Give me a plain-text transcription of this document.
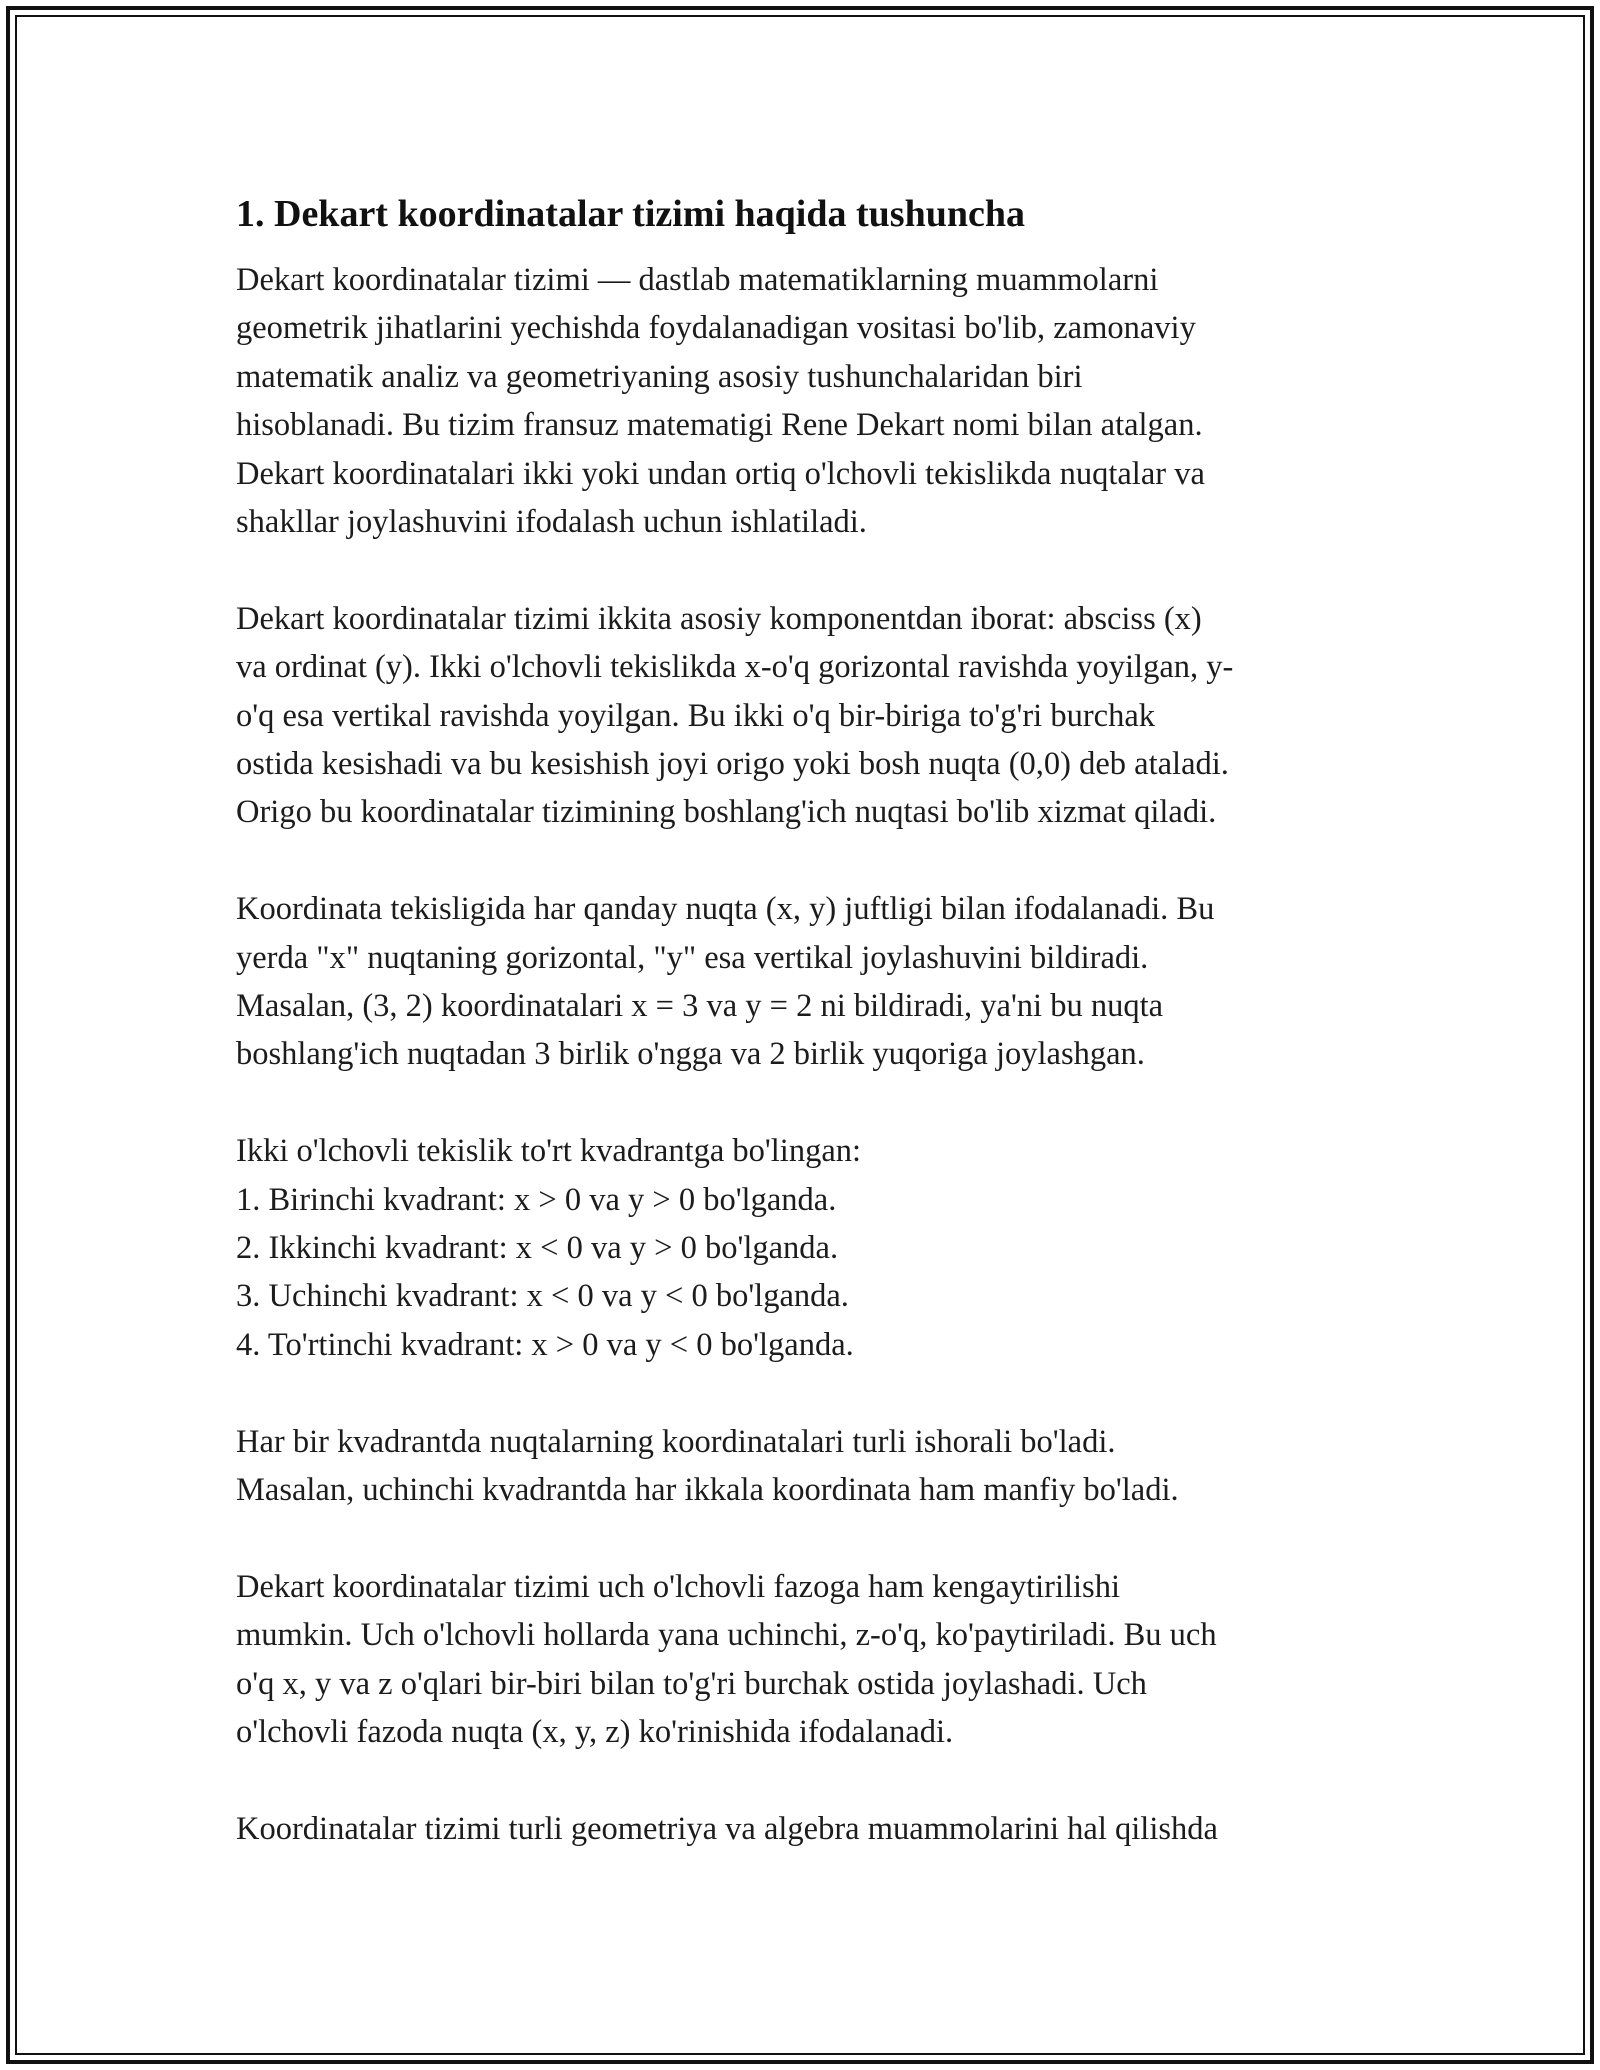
1. Dekart koordinatalar tizimi haqida tushuncha

Dekart koordinatalar tizimi — dastlab matematiklarning muammolarni
geometrik jihatlarini yechishda foydalanadigan vositasi bo'lib, zamonaviy
matematik analiz va geometriyaning asosiy tushunchalaridan biri
hisoblanadi. Bu tizim fransuz matematigi Rene Dekart nomi bilan atalgan.
Dekart koordinatalari ikki yoki undan ortiq o'lchovli tekislikda nuqtalar va
shakllar joylashuvini ifodalash uchun ishlatiladi.

Dekart koordinatalar tizimi ikkita asosiy komponentdan iborat: absciss (x)
va ordinat (y). Ikki o'lchovli tekislikda x-o'q gorizontal ravishda yoyilgan, y-
o'q esa vertikal ravishda yoyilgan. Bu ikki o'q bir-biriga to'g'ri burchak
ostida kesishadi va bu kesishish joyi origo yoki bosh nuqta (0,0) deb ataladi.
Origo bu koordinatalar tizimining boshlang'ich nuqtasi bo'lib xizmat qiladi.

Koordinata tekisligida har qanday nuqta (x, y) juftligi bilan ifodalanadi. Bu
yerda "x" nuqtaning gorizontal, "y" esa vertikal joylashuvini bildiradi.
Masalan, (3, 2) koordinatalari x = 3 va y = 2 ni bildiradi, ya'ni bu nuqta
boshlang'ich nuqtadan 3 birlik o'ngga va 2 birlik yuqoriga joylashgan.

Ikki o'lchovli tekislik to'rt kvadrantga bo'lingan:
1. Birinchi kvadrant: x > 0 va y > 0 bo'lganda.
2. Ikkinchi kvadrant: x < 0 va y > 0 bo'lganda.
3. Uchinchi kvadrant: x < 0 va y < 0 bo'lganda.
4. To'rtinchi kvadrant: x > 0 va y < 0 bo'lganda.

Har bir kvadrantda nuqtalarning koordinatalari turli ishorali bo'ladi.
Masalan, uchinchi kvadrantda har ikkala koordinata ham manfiy bo'ladi.

Dekart koordinatalar tizimi uch o'lchovli fazoga ham kengaytirilishi
mumkin. Uch o'lchovli hollarda yana uchinchi, z-o'q, ko'paytiriladi. Bu uch
o'q x, y va z o'qlari bir-biri bilan to'g'ri burchak ostida joylashadi. Uch
o'lchovli fazoda nuqta (x, y, z) ko'rinishida ifodalanadi.

Koordinatalar tizimi turli geometriya va algebra muammolarini hal qilishda
